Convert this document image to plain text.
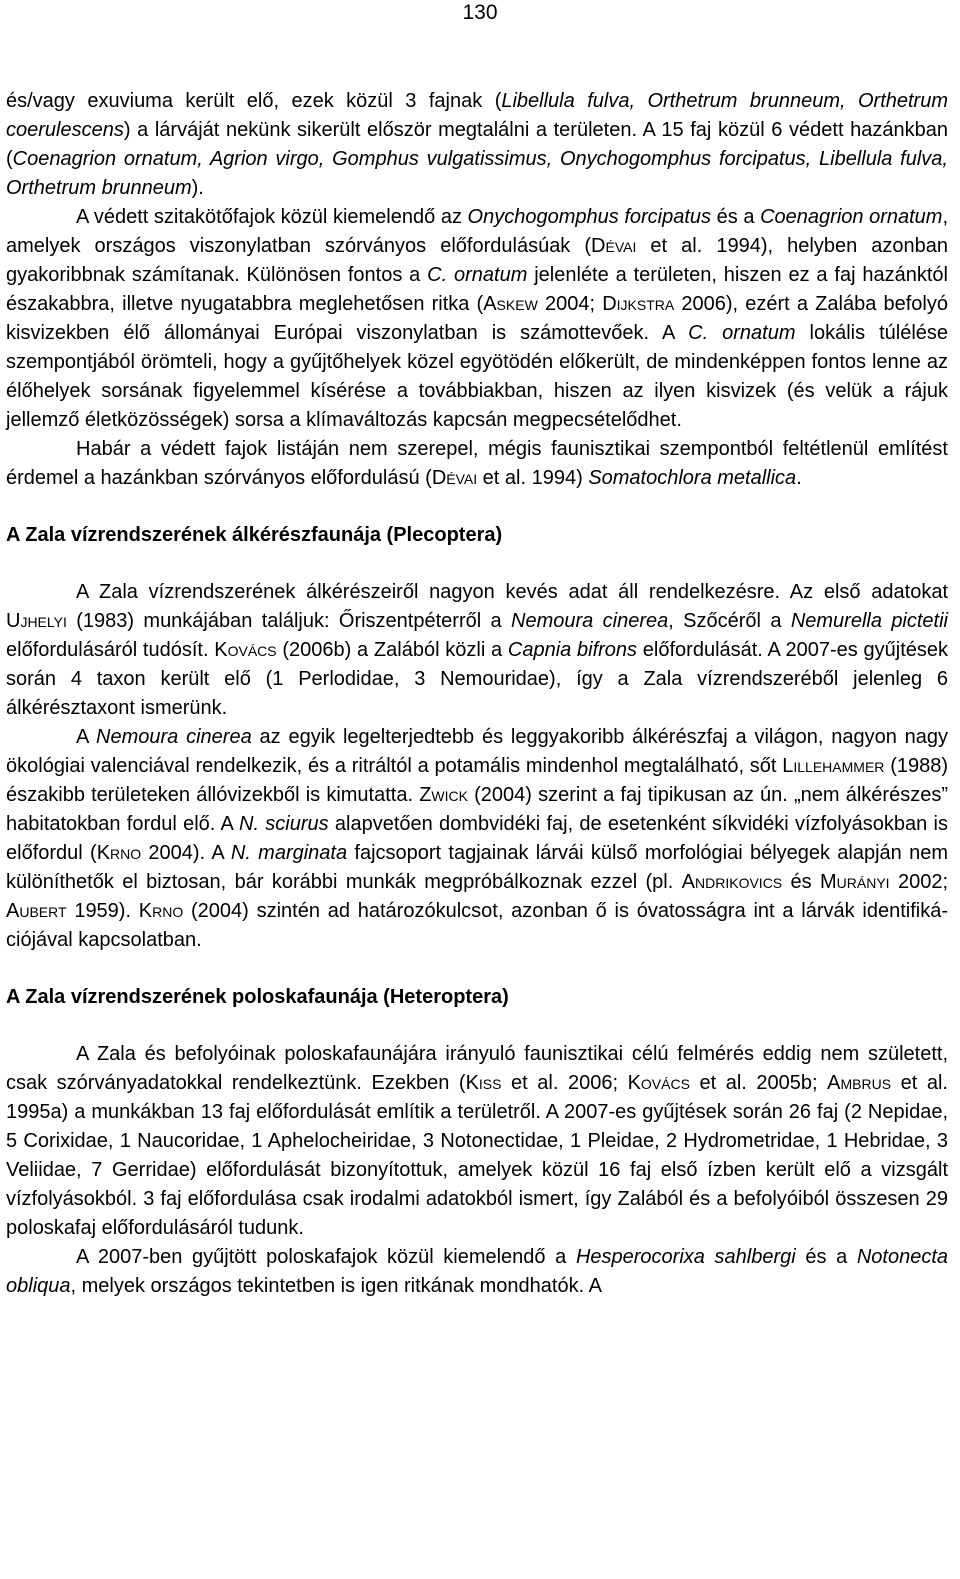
130

és/vagy exuviuma került elő, ezek közül 3 fajnak (Libellula fulva, Orthetrum brunneum, Orthetrum coerulescens) a lárváját nekünk sikerült először megtalálni a területen. A 15 faj közül 6 védett hazánkban (Coenagrion ornatum, Agrion virgo, Gomphus vulgatissimus, Onychogomphus forcipatus, Libellula fulva, Orthetrum brunneum).

A védett szitakötőfajok közül kiemelendő az Onychogomphus forcipatus és a Coenagrion ornatum, amelyek országos viszonylatban szórványos előfordulásúak (Dévai et al. 1994), helyben azonban gyakoribbnak számítanak. Különösen fontos a C. ornatum jelenléte a területen, hiszen ez a faj hazánktól északabbra, illetve nyugatabbra meglehetősen ritka (Askew 2004; Dijkstra 2006), ezért a Zalába befolyó kisvizekben élő állományai Európai viszonylatban is számottevőek. A C. ornatum lokális túlélése szempontjából örömteli, hogy a gyűjtőhelyek közel egyötödén előkerült, de mindenképpen fontos lenne az élőhelyek sorsának figyelemmel kísérése a továbbiakban, hiszen az ilyen kisvizek (és velük a rájuk jellemző életközösségek) sorsa a klímaváltozás kapcsán megpecsételődhet.

Habár a védett fajok listáján nem szerepel, mégis faunisztikai szempontból feltétlenül említést érdemel a hazánkban szórványos előfordulású (Dévai et al. 1994) Somatochlora metallica.

A Zala vízrendszerének álkérészfaunája (Plecoptera)

A Zala vízrendszerének álkérészeiről nagyon kevés adat áll rendelkezésre. Az első adatokat Ujhelyi (1983) munkájában találjuk: Őriszentpéterről a Nemoura cinerea, Szőcéről a Nemurella pictetii előfordulásáról tudósít. Kovács (2006b) a Zalából közli a Capnia bifrons előfordulását. A 2007-es gyűjtések során 4 taxon került elő (1 Perlodidae, 3 Nemouridae), így a Zala vízrendszeréből jelenleg 6 álkérésztaxont ismerünk.

A Nemoura cinerea az egyik legelterjedtebb és leggyakoribb álkérészfaj a világon, nagyon nagy ökológiai valenciával rendelkezik, és a ritráltól a potamális mindenhol megtalálható, sőt Lillehammer (1988) északibb területeken állóvizekből is kimutatta. Zwick (2004) szerint a faj tipikusan az ún. „nem álkérészes” habitatokban fordul elő. A N. sciurus alapvetően dombvidéki faj, de esetenként síkvidéki vízfolyásokban is előfordul (Krno 2004). A N. marginata fajcsoport tagjainak lárvái külső morfológiai bélyegek alapján nem különíthetők el biztosan, bár korábbi munkák megpróbálkoznak ezzel (pl. Andrikovics és Murányi 2002; Aubert 1959). Krno (2004) szintén ad határozókulcsot, azonban ő is óvatosságra int a lárvák identifikációjával kapcsolatban.

A Zala vízrendszerének poloskafaunája (Heteroptera)

A Zala és befolyóinak poloskafaunájára irányuló faunisztikai célú felmérés eddig nem született, csak szórványadatokkal rendelkeztünk. Ezekben (Kiss et al. 2006; Kovács et al. 2005b; Ambrus et al. 1995a) a munkákban 13 faj előfordulását említik a területről. A 2007-es gyűjtések során 26 faj (2 Nepidae, 5 Corixidae, 1 Naucoridae, 1 Aphelocheiridae, 3 Notonectidae, 1 Pleidae, 2 Hydrometridae, 1 Hebridae, 3 Veliidae, 7 Gerridae) előfordulását bizonyítottuk, amelyek közül 16 faj első ízben került elő a vizsgált vízfolyásokból. 3 faj előfordulása csak irodalmi adatokból ismert, így Zalából és a befolyóiból összesen 29 poloskafaj előfordulásáról tudunk.

A 2007-ben gyűjtött poloskafajok közül kiemelendő a Hesperocorixa sahlbergi és a Notonecta obliqua, melyek országos tekintetben is igen ritkának mondhatók. A
